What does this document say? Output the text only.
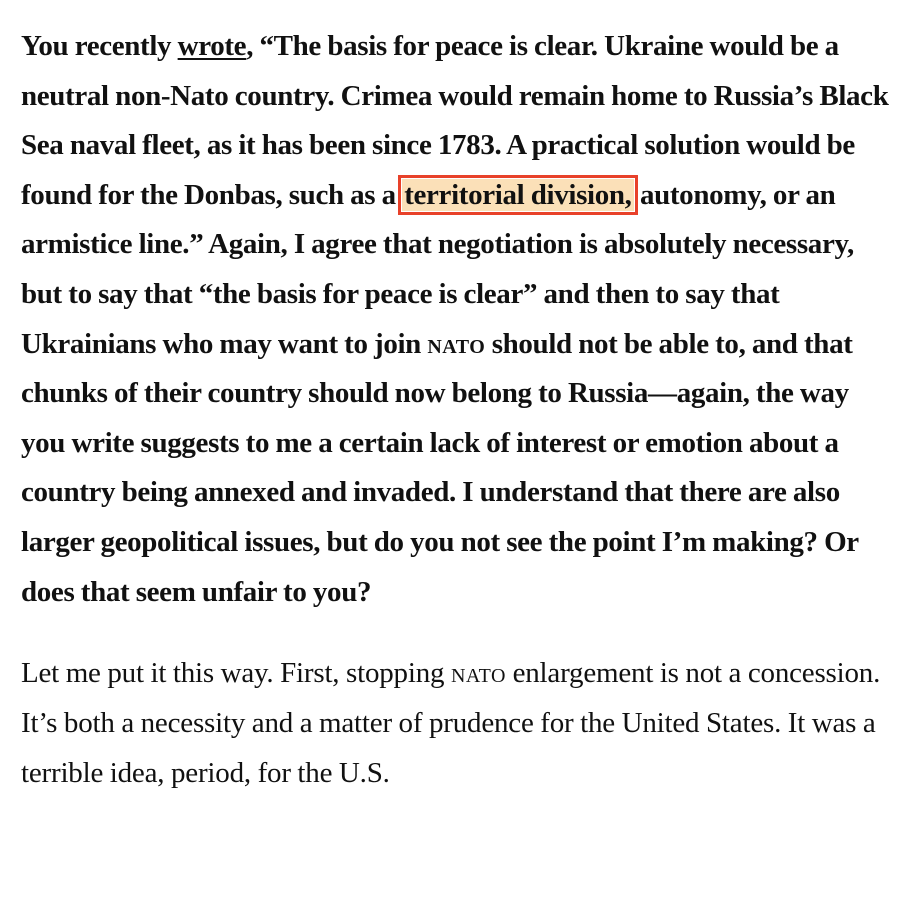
You recently wrote, “The basis for peace is clear. Ukraine would be a neutral non-Nato country. Crimea would remain home to Russia’s Black Sea naval fleet, as it has been since 1783. A practical solution would be found for the Donbas, such as a territorial division, autonomy, or an armistice line.” Again, I agree that negotiation is absolutely necessary, but to say that “the basis for peace is clear” and then to say that Ukrainians who may want to join nato should not be able to, and that chunks of their country should now belong to Russia—again, the way you write suggests to me a certain lack of interest or emotion about a country being annexed and invaded. I understand that there are also larger geopolitical issues, but do you not see the point I’m making? Or does that seem unfair to you?

Let me put it this way. First, stopping nato enlargement is not a concession. It’s both a necessity and a matter of prudence for the United States. It was a terrible idea, period, for the U.S.
